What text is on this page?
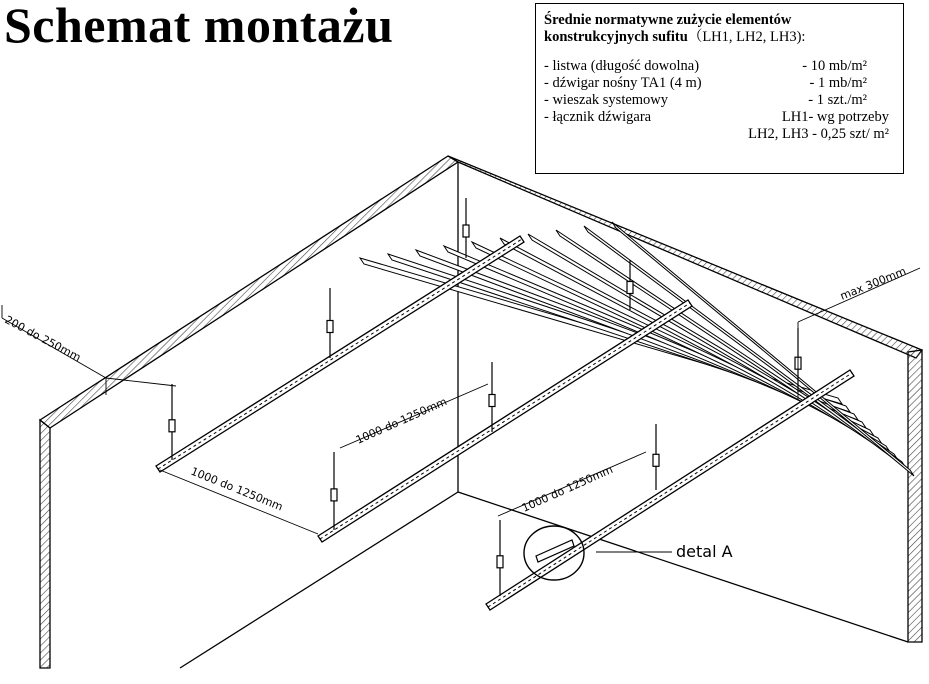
Schemat montażu	Średnie normatywne zużycie elementów
konstrukcyjnych sufitu（LH1, LH2, LH3):
- listwa (długość dowolna)	- 10 mb/m²
- dźwigar nośny TA1 (4 m)	- 1 mb/m²
- wieszak systemowy	- 1 szt./m²
- łącznik dźwigara	LH1- wg potrzeby
LH2, LH3 - 0,25 szt/ m²
200 do 250mm
1000 do 1250mm
1000 do 1250mm
1000 do 1250mm
max 300mm
detal A
